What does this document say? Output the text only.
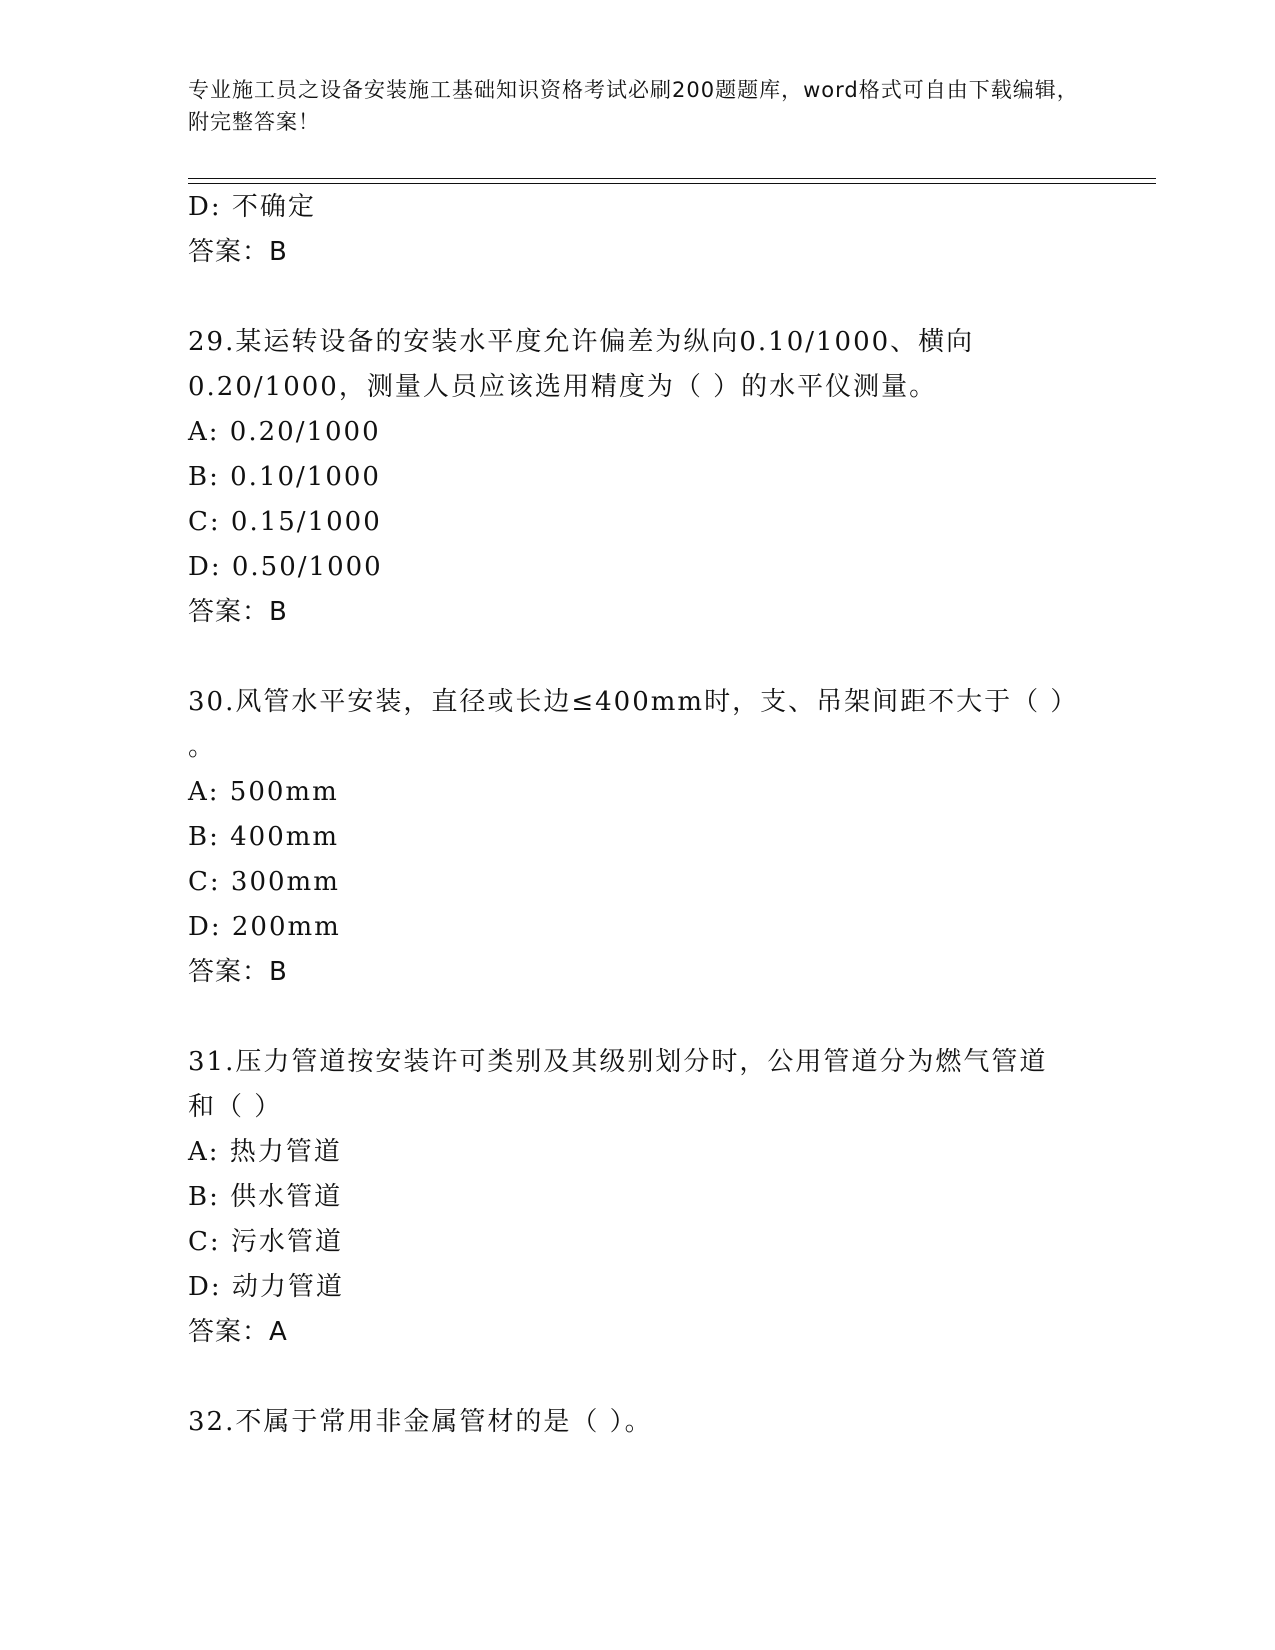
专业施工员之设备安装施工基础知识资格考试必刷200题题库，word格式可自由下载编辑，附完整答案！
D: 不确定
答案：B
29.某运转设备的安装水平度允许偏差为纵向0.10/1000、横向
0.20/1000，测量人员应该选用精度为（ ）的水平仪测量。
A: 0.20/1000
B: 0.10/1000
C: 0.15/1000
D: 0.50/1000
答案：B
30.风管水平安装，直径或长边≤400mm时，支、吊架间距不大于（ ）
。
A: 500mm
B: 400mm
C: 300mm
D: 200mm
答案：B
31.压力管道按安装许可类别及其级别划分时，公用管道分为燃气管道
和（ ）
A: 热力管道
B: 供水管道
C: 污水管道
D: 动力管道
答案：A
32.不属于常用非金属管材的是（ ）。
